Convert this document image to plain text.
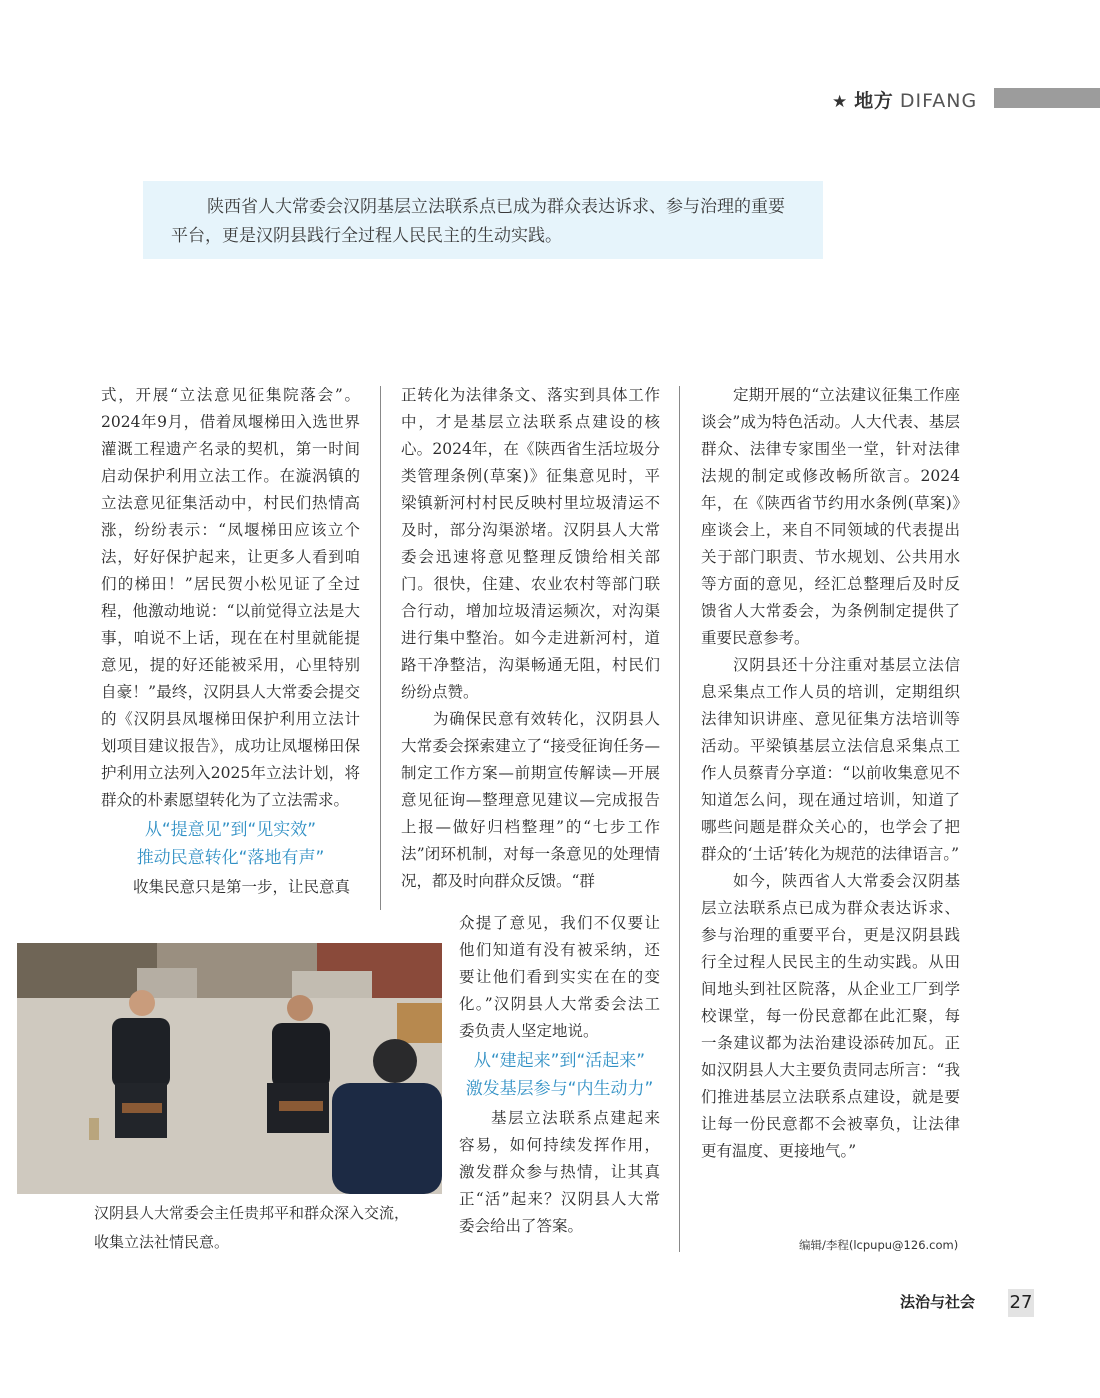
★ 地方 DIFANG
陕西省人大常委会汉阴基层立法联系点已成为群众表达诉求、参与治理的重要平台，更是汉阴县践行全过程人民民主的生动实践。

式，开展“立法意见征集院落会”。2024年9月，借着凤堰梯田入选世界灌溉工程遗产名录的契机，第一时间启动保护利用立法工作。在漩涡镇的立法意见征集活动中，村民们热情高涨，纷纷表示：“凤堰梯田应该立个法，好好保护起来，让更多人看到咱们的梯田！”居民贺小松见证了全过程，他激动地说：“以前觉得立法是大事，咱说不上话，现在在村里就能提意见，提的好还能被采用，心里特别自豪！”最终，汉阴县人大常委会提交的《汉阴县凤堰梯田保护利用立法计划项目建议报告》，成功让凤堰梯田保护利用立法列入2025年立法计划，将群众的朴素愿望转化为了立法需求。

从“提意见”到“见实效”
推动民意转化“落地有声”

收集民意只是第一步，让民意真

正转化为法律条文、落实到具体工作中，才是基层立法联系点建设的核心。2024年，在《陕西省生活垃圾分类管理条例(草案)》征集意见时，平梁镇新河村村民反映村里垃圾清运不及时，部分沟渠淤堵。汉阴县人大常委会迅速将意见整理反馈给相关部门。很快，住建、农业农村等部门联合行动，增加垃圾清运频次，对沟渠进行集中整治。如今走进新河村，道路干净整洁，沟渠畅通无阻，村民们纷纷点赞。

为确保民意有效转化，汉阴县人大常委会探索建立了“接受征询任务—制定工作方案—前期宣传解读—开展意见征询—整理意见建议—完成报告上报—做好归档整理”的“七步工作法”闭环机制，对每一条意见的处理情况，都及时向群众反馈。“群

众提了意见，我们不仅要让他们知道有没有被采纳，还要让他们看到实实在在的变化。”汉阴县人大常委会法工委负责人坚定地说。

从“建起来”到“活起来”
激发基层参与“内生动力”

基层立法联系点建起来容易，如何持续发挥作用，激发群众参与热情，让其真正“活”起来？汉阴县人大常委会给出了答案。

定期开展的“立法建议征集工作座谈会”成为特色活动。人大代表、基层群众、法律专家围坐一堂，针对法律法规的制定或修改畅所欲言。2024年，在《陕西省节约用水条例(草案)》座谈会上，来自不同领域的代表提出关于部门职责、节水规划、公共用水等方面的意见，经汇总整理后及时反馈省人大常委会，为条例制定提供了重要民意参考。

汉阴县还十分注重对基层立法信息采集点工作人员的培训，定期组织法律知识讲座、意见征集方法培训等活动。平梁镇基层立法信息采集点工作人员蔡青分享道：“以前收集意见不知道怎么问，现在通过培训，知道了哪些问题是群众关心的，也学会了把群众的‘土话’转化为规范的法律语言。”

如今，陕西省人大常委会汉阴基层立法联系点已成为群众表达诉求、参与治理的重要平台，更是汉阴县践行全过程人民民主的生动实践。从田间地头到社区院落，从企业工厂到学校课堂，每一份民意都在此汇聚，每一条建议都为法治建设添砖加瓦。正如汉阴县人大主要负责同志所言：“我们推进基层立法联系点建设，就是要让每一份民意都不会被辜负，让法律更有温度、更接地气。”

汉阴县人大常委会主任贵邦平和群众深入交流，收集立法社情民意。	编辑/李程(lcpupu@126.com)
法治与社会 27
